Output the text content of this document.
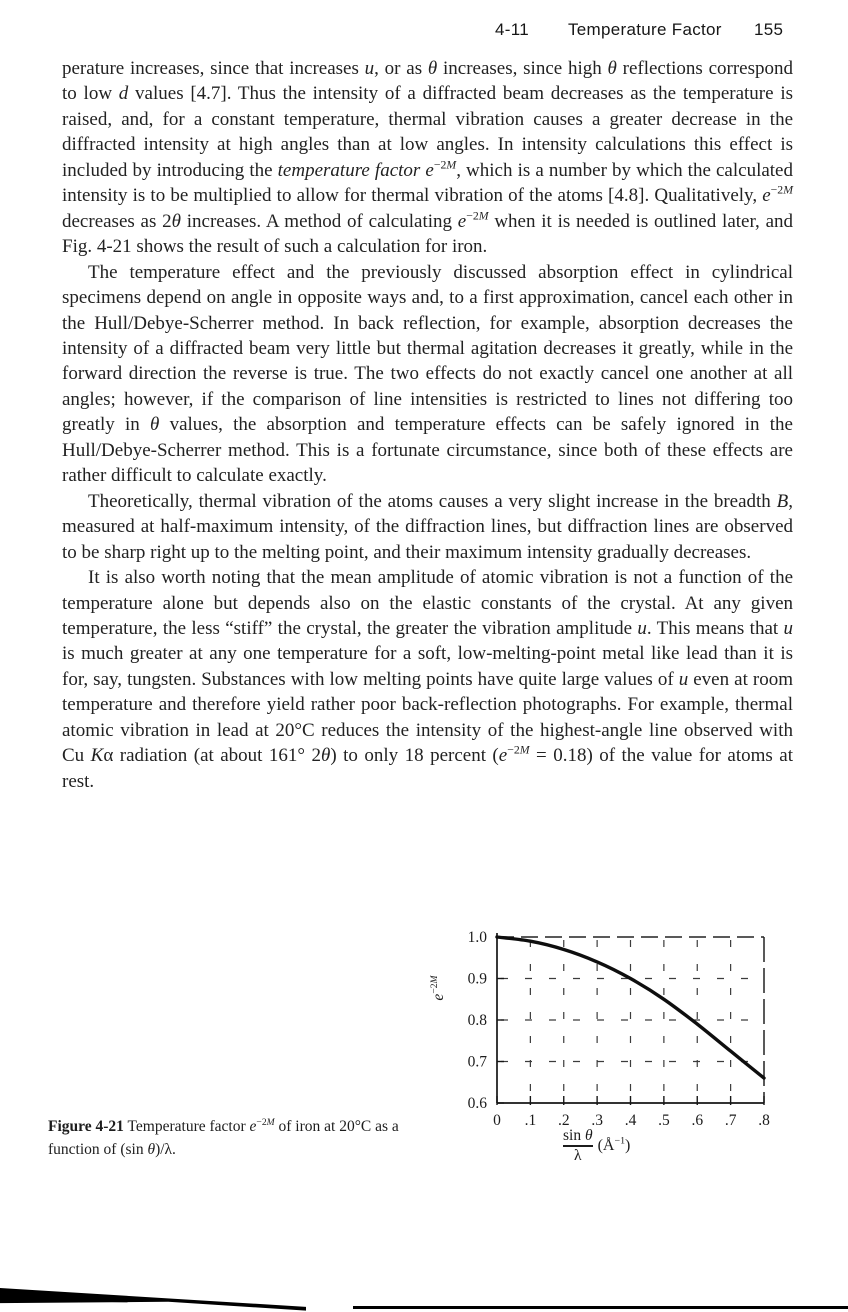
4-11 Temperature Factor 155

perature increases, since that increases u, or as θ increases, since high θ reflections correspond to low d values [4.7]. Thus the intensity of a diffracted beam decreases as the temperature is raised, and, for a constant temperature, thermal vibration causes a greater decrease in the diffracted intensity at high angles than at low angles. In intensity calculations this effect is included by introducing the temperature factor $e^{-2M}$, which is a number by which the calculated intensity is to be multiplied to allow for thermal vibration of the atoms [4.8]. Qualitatively, $e^{-2M}$ decreases as 2θ increases. A method of calculating $e^{-2M}$ when it is needed is outlined later, and Fig. 4-21 shows the result of such a calculation for iron.

The temperature effect and the previously discussed absorption effect in cylindrical specimens depend on angle in opposite ways and, to a first approximation, cancel each other in the Hull/Debye-Scherrer method. In back reflection, for example, absorption decreases the intensity of a diffracted beam very little but thermal agitation decreases it greatly, while in the forward direction the reverse is true. The two effects do not exactly cancel one another at all angles; however, if the comparison of line intensities is restricted to lines not differing too greatly in θ values, the absorption and temperature effects can be safely ignored in the Hull/Debye-Scherrer method. This is a fortunate circumstance, since both of these effects are rather difficult to calculate exactly.

Theoretically, thermal vibration of the atoms causes a very slight increase in the breadth B, measured at half-maximum intensity, of the diffraction lines, but diffraction lines are observed to be sharp right up to the melting point, and their maximum intensity gradually decreases.

It is also worth noting that the mean amplitude of atomic vibration is not a function of the temperature alone but depends also on the elastic constants of the crystal. At any given temperature, the less “stiff” the crystal, the greater the vibration amplitude u. This means that u is much greater at any one temperature for a soft, low-melting-point metal like lead than it is for, say, tungsten. Substances with low melting points have quite large values of u even at room temperature and therefore yield rather poor back-reflection photographs. For example, thermal atomic vibration in lead at 20°C reduces the intensity of the highest-angle line observed with Cu Kα radiation (at about 161° 2θ) to only 18 percent $(e^{-2M} = 0.18)$ of the value for atoms at rest.

1.0
0.9
0.8
0.7
0.6
0 .1 .2 .3 .4 .5 .6 .7 .8
$e^{-2M}$
$\frac{\text{sin θ}}{\lambda}$ $(Å^{-1})$
Figure 4-21 Temperature factor $e^{-2M}$ of iron at 20°C as a function of (sin θ)/λ.
